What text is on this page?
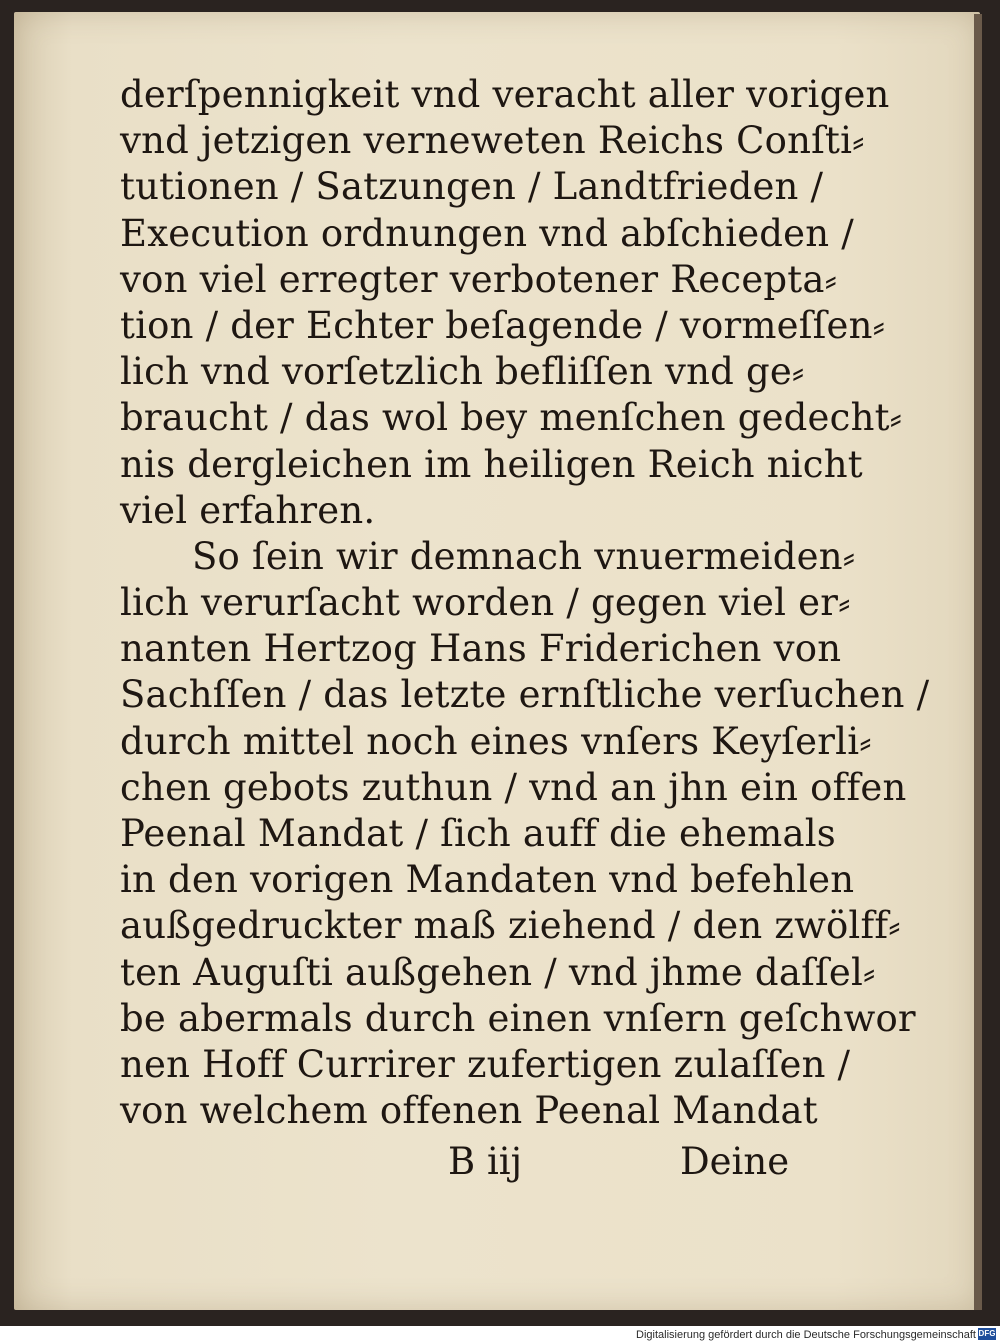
derſpennigkeit vnd veracht aller vorigen
vnd jetzigen verneweten Reichs Conſti⸗
tutionen / Satzungen / Landtfrieden /
Execution ordnungen vnd abſchieden /
von viel erregter verbotener Recepta⸗
tion / der Echter beſagende / vormeſſen⸗
lich vnd vorſetzlich befliſſen vnd ge⸗
braucht / das wol bey menſchen gedecht⸗
nis dergleichen im heiligen Reich nicht
viel erfahren.
So ſein wir demnach vnuermeiden⸗
lich verurſacht worden / gegen viel er⸗
nanten Hertzog Hans Friderichen von
Sachſſen / das letzte ernſtliche verſuchen /
durch mittel noch eines vnſers Keyſerli⸗
chen gebots zuthun / vnd an jhn ein offen
Peenal Mandat / ſich auff die ehemals
in den vorigen Mandaten vnd befehlen
außgedruckter maß ziehend / den zwölff⸗
ten Auguſti außgehen / vnd jhme daſſel⸗
be abermals durch einen vnſern geſchwor
nen Hoff Currirer zufertigen zulaſſen /
von welchem offenen Peenal Mandat
B iij	Deine
Digitalisierung gefördert durch die Deutsche Forschungsgemeinschaft DFG
